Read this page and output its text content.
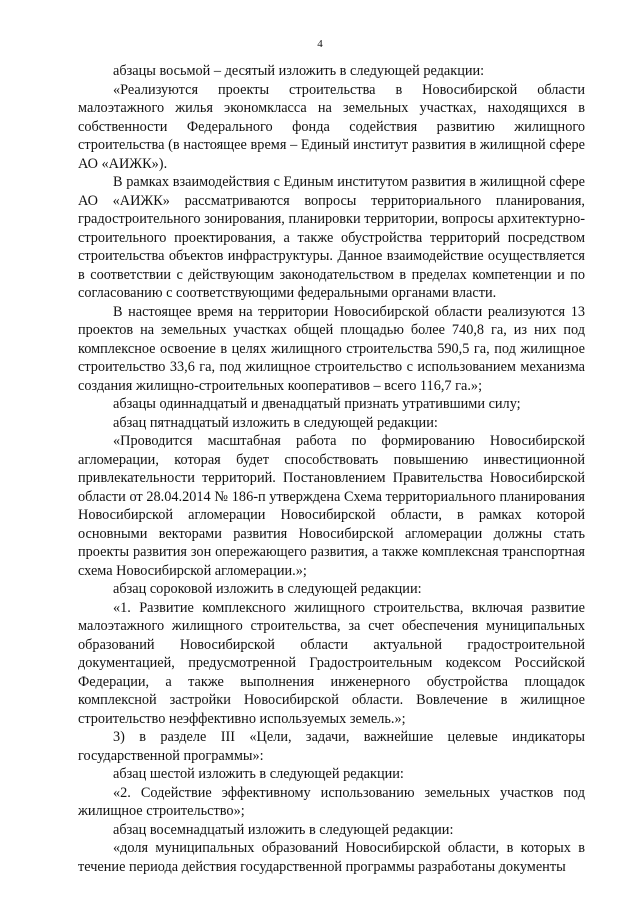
4

абзацы восьмой – десятый изложить в следующей редакции:

«Реализуются проекты строительства в Новосибирской области малоэтажного жилья экономкласса на земельных участках, находящихся в собственности Федерального фонда содействия развитию жилищного строительства (в настоящее время – Единый институт развития в жилищной сфере АО «АИЖК»).

В рамках взаимодействия с Единым институтом развития в жилищной сфере АО «АИЖК» рассматриваются вопросы территориального планирования, градостроительного зонирования, планировки территории, вопросы архитектурно-строительного проектирования, а также обустройства территорий посредством строительства объектов инфраструктуры. Данное взаимодействие осуществляется в соответствии с действующим законодательством в пределах компетенции и по согласованию с соответствующими федеральными органами власти.

В настоящее время на территории Новосибирской области реализуются 13 проектов на земельных участках общей площадью более 740,8 га, из них под комплексное освоение в целях жилищного строительства 590,5 га, под жилищное строительство 33,6 га, под жилищное строительство с использованием механизма создания жилищно-строительных кооперативов – всего 116,7 га.»;

абзацы одиннадцатый и двенадцатый признать утратившими силу;

абзац пятнадцатый изложить в следующей редакции:

«Проводится масштабная работа по формированию Новосибирской агломерации, которая будет способствовать повышению инвестиционной привлекательности территорий. Постановлением Правительства Новосибирской области от 28.04.2014 № 186-п утверждена Схема территориального планирования Новосибирской агломерации Новосибирской области, в рамках которой основными векторами развития Новосибирской агломерации должны стать проекты развития зон опережающего развития, а также комплексная транспортная схема Новосибирской агломерации.»;

абзац сороковой изложить в следующей редакции:

«1. Развитие комплексного жилищного строительства, включая развитие малоэтажного жилищного строительства, за счет обеспечения муниципальных образований Новосибирской области актуальной градостроительной документацией, предусмотренной Градостроительным кодексом Российской Федерации, а также выполнения инженерного обустройства площадок комплексной застройки Новосибирской области. Вовлечение в жилищное строительство неэффективно используемых земель.»;

3) в разделе III «Цели, задачи, важнейшие целевые индикаторы государственной программы»:

абзац шестой изложить в следующей редакции:

«2. Содействие эффективному использованию земельных участков под жилищное строительство»;

абзац восемнадцатый изложить в следующей редакции:

«доля муниципальных образований Новосибирской области, в которых в течение периода действия государственной программы разработаны документы
